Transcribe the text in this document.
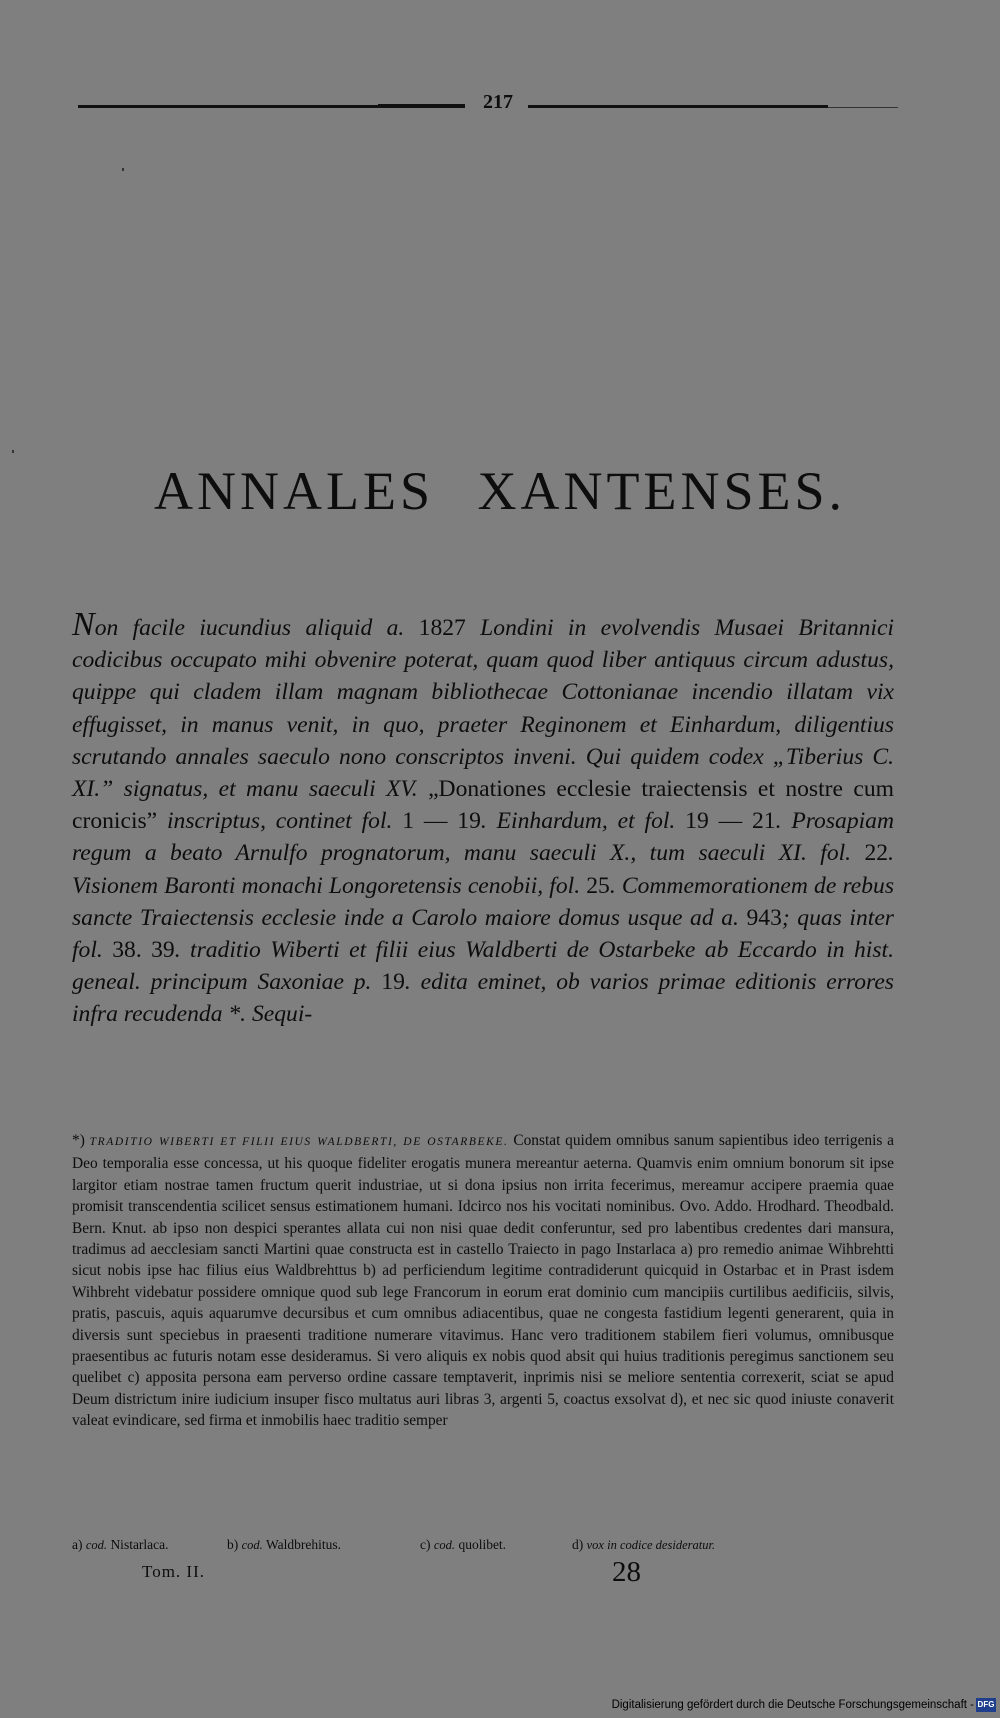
217
ANNALES XANTENSES.

Non facile iucundius aliquid a. 1827 Londini in evolvendis Musaei Britannici codicibus occupato mihi obvenire poterat, quam quod liber antiquus circum adustus, quippe qui cladem illam magnam bibliothecae Cottonianae incendio illatam vix effugisset, in manus venit, in quo, praeter Reginonem et Einhardum, diligentius scrutando annales saeculo nono conscriptos inveni. Qui quidem codex „Tiberius C. XI.” signatus, et manu saeculi XV. „Donationes ecclesie traiectensis et nostre cum cronicis” inscriptus, continet fol. 1 — 19. Einhardum, et fol. 19 — 21. Prosapiam regum a beato Arnulfo prognatorum, manu saeculi X., tum saeculi XI. fol. 22. Visionem Baronti monachi Longoretensis cenobii, fol. 25. Commemorationem de rebus sancte Traiectensis ecclesie inde a Carolo maiore domus usque ad a. 943; quas inter fol. 38. 39. traditio Wiberti et filii eius Waldberti de Ostarbeke ab Eccardo in hist. geneal. principum Saxoniae p. 19. edita eminet, ob varios primae editionis errores infra recudenda *. Sequi-

*) TRADITIO WIBERTI ET FILII EIUS WALDBERTI, DE OSTARBEKE. Constat quidem omnibus sanum sapientibus ideo terrigenis a Deo temporalia esse concessa, ut his quoque fideliter erogatis munera mereantur aeterna. Quamvis enim omnium bonorum sit ipse largitor etiam nostrae tamen fructum querit industriae, ut si dona ipsius non irrita fecerimus, mereamur accipere praemia quae promisit transcendentia scilicet sensus estimationem humani. Idcirco nos his vocitati nominibus. Ovo. Addo. Hrodhard. Theodbald. Bern. Knut. ab ipso non despici sperantes allata cui non nisi quae dedit conferuntur, sed pro labentibus credentes dari mansura, tradimus ad aecclesiam sancti Martini quae constructa est in castello Traiecto in pago Instarlaca a) pro remedio animae Wihbrehtti sicut nobis ipse hac filius eius Waldbrehttus b) ad perficiendum legitime contradiderunt quicquid in Ostarbac et in Prast isdem Wihbreht videbatur possidere omnique quod sub lege Francorum in eorum erat dominio cum mancipiis curtilibus aedificiis, silvis, pratis, pascuis, aquis aquarumve decursibus et cum omnibus adiacentibus, quae ne congesta fastidium legenti generarent, quia in diversis sunt speciebus in praesenti traditione numerare vitavimus. Hanc vero traditionem stabilem fieri volumus, omnibusque praesentibus ac futuris notam esse desideramus. Si vero aliquis ex nobis quod absit qui huius traditionis peregimus sanctionem seu quelibet c) apposita persona eam perverso ordine cassare temptaverit, inprimis nisi se meliore sententia correxerit, sciat se apud Deum districtum inire iudicium insuper fisco multatus auri libras 3, argenti 5, coactus exsolvat d), et nec sic quod iniuste conaverit valeat evindicare, sed firma et inmobilis haec traditio semper

a) cod. Nistarlaca.	b) cod. Waldbrehitus.	c) cod. quolibet.	d) vox in codice desideratur.
Tom. II.	28
Digitalisierung gefördert durch die Deutsche Forschungsgemeinschaft - DFG
